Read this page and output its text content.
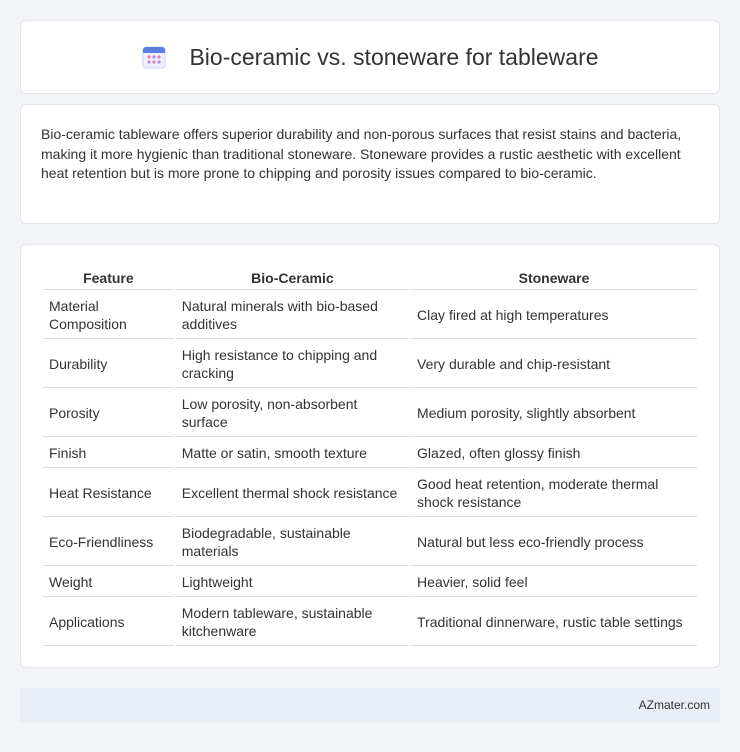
Bio-ceramic vs. stoneware for tableware

Bio-ceramic tableware offers superior durability and non-porous surfaces that resist stains and bacteria, making it more hygienic than traditional stoneware. Stoneware provides a rustic aesthetic with excellent heat retention but is more prone to chipping and porosity issues compared to bio-ceramic.

Feature	Bio-Ceramic	Stoneware
Material Composition	Natural minerals with bio-based additives	Clay fired at high temperatures
Durability	High resistance to chipping and cracking	Very durable and chip-resistant
Porosity	Low porosity, non-absorbent surface	Medium porosity, slightly absorbent
Finish	Matte or satin, smooth texture	Glazed, often glossy finish
Heat Resistance	Excellent thermal shock resistance	Good heat retention, moderate thermal shock resistance
Eco-Friendliness	Biodegradable, sustainable materials	Natural but less eco-friendly process
Weight	Lightweight	Heavier, solid feel
Applications	Modern tableware, sustainable kitchenware	Traditional dinnerware, rustic table settings
AZmater.com
